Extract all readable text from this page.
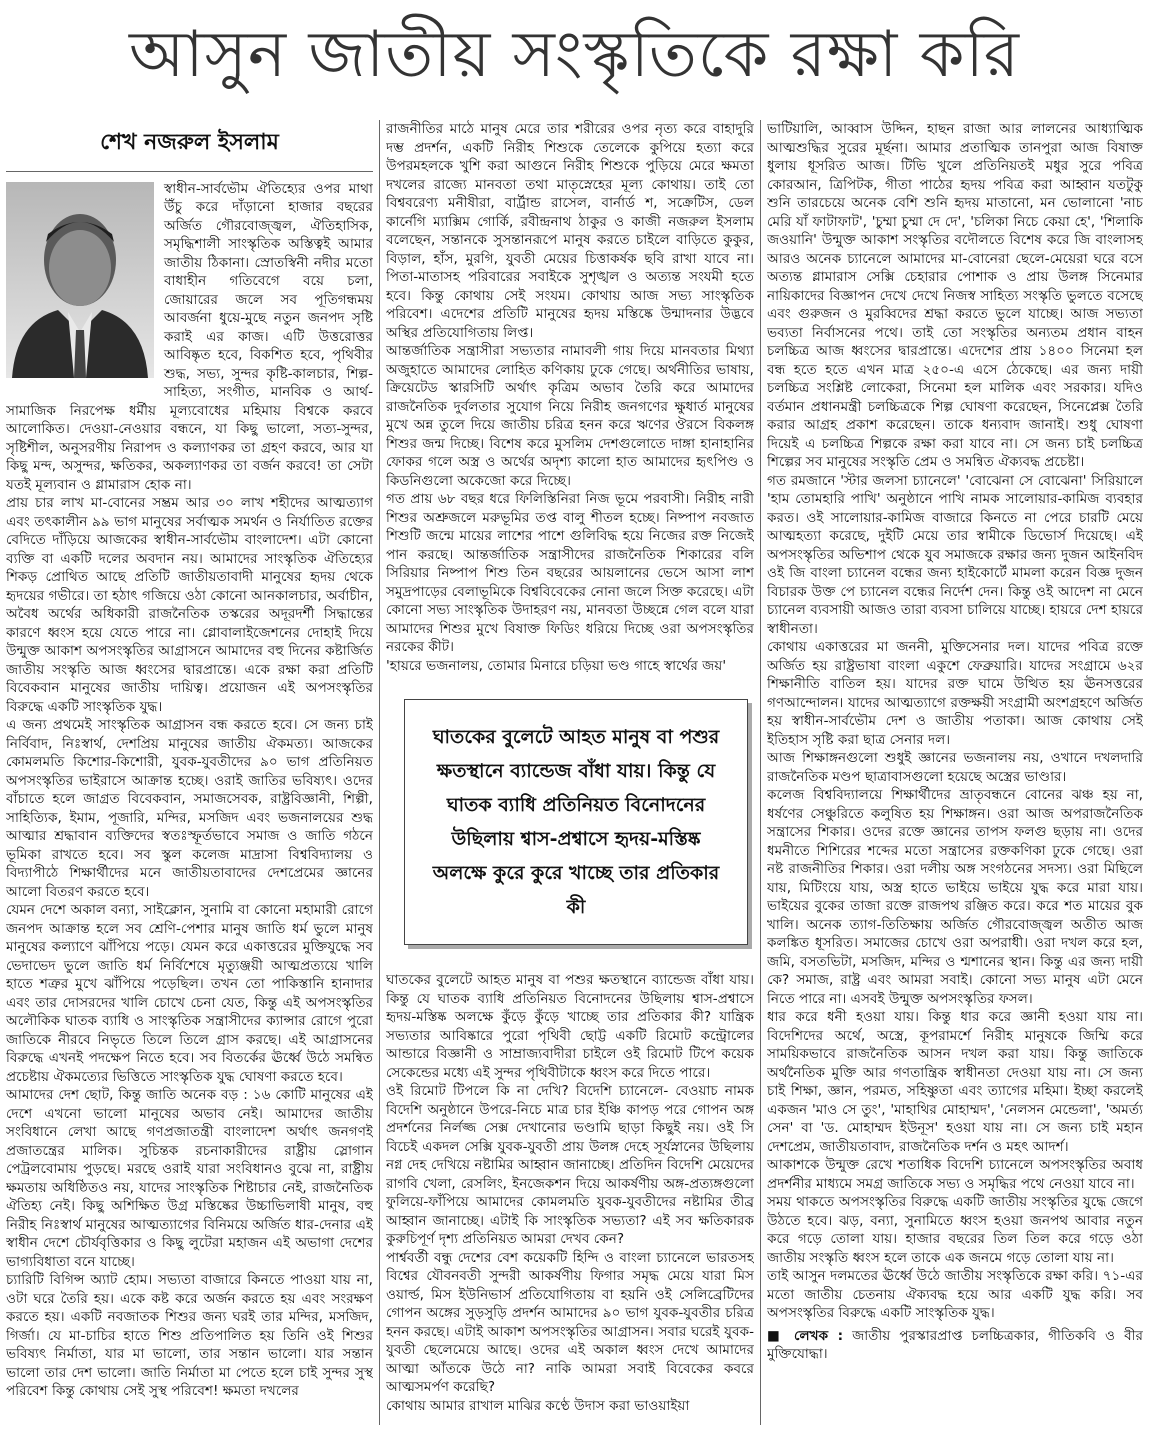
আসুন জাতীয় সংস্কৃতিকে রক্ষা করি
শেখ নজরুল ইসলাম

স্বাধীন-সার্বভৌম ঐতিহ্যের ওপর মাথা উঁচু করে দাঁড়ানো হাজার বছরের অর্জিত গৌরবোজ্জ্বল, ঐতিহাসিক, সমৃদ্ধিশালী সাংস্কৃতিক অস্তিত্বই আমার জাতীয় ঠিকানা। স্রোতস্বিনী নদীর মতো বাধাহীন গতিবেগে বয়ে চলা, জোয়ারের জলে সব পূতিগন্ধময় আবর্জনা ধুয়ে-মুছে নতুন জনপদ সৃষ্টি করাই এর কাজ। এটি উত্তরোত্তর আবিষ্কৃত হবে, বিকশিত হবে, পৃথিবীর শুদ্ধ, সভ্য, সুন্দর কৃষ্টি-কালচার, শিল্প-সাহিত্য, সংগীত, মানবিক ও আর্থ-সামাজিক নিরপেক্ষ ধর্মীয় মূল্যবোধের মহিমায় বিশ্বকে করবে আলোকিত। দেওয়া-নেওয়ার বন্ধনে, যা কিছু ভালো, সত্য-সুন্দর, সৃষ্টিশীল, অনুসরণীয় নিরাপদ ও কল্যাণকর তা গ্রহণ করবে, আর যা কিছু মন্দ, অসুন্দর, ক্ষতিকর, অকল্যাণকর তা বর্জন করবে! তা সেটা যতই মূল্যবান ও গ্লামারাস হোক না।

প্রায় চার লাখ মা-বোনের সম্ভ্রম আর ৩০ লাখ শহীদের আত্মত্যাগ এবং তৎকালীন ৯৯ ভাগ মানুষের সর্বাত্মক সমর্থন ও নির্যাতিত রক্তের বেদিতে দাঁড়িয়ে আজকের স্বাধীন-সার্বভৌম বাংলাদেশ। এটা কোনো ব্যক্তি বা একটি দলের অবদান নয়। আমাদের সাংস্কৃতিক ঐতিহ্যের শিকড় প্রোথিত আছে প্রতিটি জাতীয়তাবাদী মানুষের হৃদয় থেকে হৃদয়ের গভীরে। তা হঠাৎ গজিয়ে ওঠা কোনো আনকালচার, অর্বাচীন, অবৈধ অর্থের অধিকারী রাজনৈতিক তস্করের অদূরদর্শী সিদ্ধান্তের কারণে ধ্বংস হয়ে যেতে পারে না। গ্লোবালাইজেশনের দোহাই দিয়ে উন্মুক্ত আকাশ অপসংস্কৃতির আগ্রাসনে আমাদের বহু দিনের কষ্টার্জিত জাতীয় সংস্কৃতি আজ ধ্বংসের দ্বারপ্রান্তে। একে রক্ষা করা প্রতিটি বিবেকবান মানুষের জাতীয় দায়িত্ব। প্রয়োজন এই অপসংস্কৃতির বিরুদ্ধে একটি সাংস্কৃতিক যুদ্ধ।

এ জন্য প্রথমেই সাংস্কৃতিক আগ্রাসন বন্ধ করতে হবে। সে জন্য চাই নির্বিবাদ, নিঃস্বার্থ, দেশপ্রিয় মানুষের জাতীয় ঐকমত্য। আজকের কোমলমতি কিশোর-কিশোরী, যুবক-যুবতীদের ৯০ ভাগ প্রতিনিয়ত অপসংস্কৃতির ভাইরাসে আক্রান্ত হচ্ছে। ওরাই জাতির ভবিষ্যৎ। ওদের বাঁচাতে হলে জাগ্রত বিবেকবান, সমাজসেবক, রাষ্ট্রবিজ্ঞানী, শিল্পী, সাহিত্যিক, ইমাম, পূজারি, মন্দির, মসজিদ এবং ভজনালয়ের শুদ্ধ আত্মার শ্রদ্ধাবান ব্যক্তিদের স্বতঃস্ফূর্তভাবে সমাজ ও জাতি গঠনে ভূমিকা রাখতে হবে। সব স্কুল কলেজ মাদ্রাসা বিশ্ববিদ্যালয় ও বিদ্যাপীঠে শিক্ষার্থীদের মনে জাতীয়তাবাদের দেশপ্রেমের জ্ঞানের আলো বিতরণ করতে হবে।

যেমন দেশে অকাল বন্যা, সাইক্লোন, সুনামি বা কোনো মহামারী রোগে জনপদ আক্রান্ত হলে সব শ্রেণি-পেশার মানুষ জাতি ধর্ম ভুলে মানুষ মানুষের কল্যাণে ঝাঁপিয়ে পড়ে। যেমন করে একাত্তরের মুক্তিযুদ্ধে সব ভেদাভেদ ভুলে জাতি ধর্ম নির্বিশেষে মৃত্যুঞ্জয়ী আত্মপ্রত্যয়ে খালি হাতে শত্রুর মুখে ঝাঁপিয়ে পড়েছিল। তখন তো পাকিস্তানি হানাদার এবং তার দোসরদের খালি চোখে চেনা যেত, কিন্তু এই অপসংস্কৃতির অলৌকিক ঘাতক ব্যাধি ও সাংস্কৃতিক সন্ত্রাসীদের ক্যান্সার রোগে পুরো জাতিকে নীরবে নিভৃতে তিলে তিলে গ্রাস করছে। এই আগ্রাসনের বিরুদ্ধে এখনই পদক্ষেপ নিতে হবে। সব বিতর্কের ঊর্ধ্বে উঠে সমন্বিত প্রচেষ্টায় ঐকমত্যের ভিত্তিতে সাংস্কৃতিক যুদ্ধ ঘোষণা করতে হবে।

আমাদের দেশ ছোট, কিন্তু জাতি অনেক বড় : ১৬ কোটি মানুষের এই দেশে এখনো ভালো মানুষের অভাব নেই। আমাদের জাতীয় সংবিধানে লেখা আছে গণপ্রজাতন্ত্রী বাংলাদেশ অর্থাৎ জনগণই প্রজাতন্ত্রের মালিক। সুচিন্তক রচনাকারীদের রাষ্ট্রীয় স্লোগান পেট্রলবোমায় পুড়ছে। মরছে ওরাই যারা সংবিধানও বুঝে না, রাষ্ট্রীয় ক্ষমতায় অধিষ্ঠিতও নয়, যাদের সাংস্কৃতিক শিষ্টাচার নেই, রাজনৈতিক ঐতিহ্য নেই। কিছু অশিক্ষিত উগ্র মস্তিষ্কের উচ্চাভিলাষী মানুষ, বহু নিরীহ নিঃস্বার্থ মানুষের আত্মত্যাগের বিনিময়ে অর্জিত ধার-দেনার এই স্বাধীন দেশে চৌর্যবৃত্তিকার ও কিছু লুটেরা মহাজন এই অভাগা দেশের ভাগ্যবিধাতা বনে যাচ্ছে।

চ্যারিটি বিগিন্স অ্যাট হোম। সভ্যতা বাজারে কিনতে পাওয়া যায় না, ওটা ঘরে তৈরি হয়। একে কষ্ট করে অর্জন করতে হয় এবং সংরক্ষণ করতে হয়। একটি নবজাতক শিশুর জন্য ঘরই তার মন্দির, মসজিদ, গির্জা। যে মা-চাচির হাতে শিশু প্রতিপালিত হয় তিনি ওই শিশুর ভবিষ্যৎ নির্মাতা, যার মা ভালো, তার সন্তান ভালো। যার সন্তান ভালো তার দেশ ভালো। জাতি নির্মাতা মা পেতে হলে চাই সুন্দর সুস্থ পরিবেশ কিন্তু কোথায় সেই সুস্থ পরিবেশ! ক্ষমতা দখলের

রাজনীতির মাঠে মানুষ মেরে তার শরীরের ওপর নৃত্য করে বাহাদুরি দম্ভ প্রদর্শন, একটি নিরীহ শিশুকে তেলেকে কুপিয়ে হত্যা করে উপরমহলকে খুশি করা আগুনে নিরীহ শিশুকে পুড়িয়ে মেরে ক্ষমতা দখলের রাজ্যে মানবতা তথা মাতৃস্নেহের মূল্য কোথায়। তাই তো বিশ্ববরেণ্য মনীষীরা, বার্ট্রান্ড রাসেল, বার্নার্ড শ, সক্রেটিস, ডেল কার্নেগি ম্যাক্সিম গোর্কি, রবীন্দ্রনাথ ঠাকুর ও কাজী নজরুল ইসলাম বলেছেন, সন্তানকে সুসন্তানরূপে মানুষ করতে চাইলে বাড়িতে কুকুর, বিড়াল, হাঁস, মুরগি, যুবতী মেয়ের চিত্তাকর্ষক ছবি রাখা যাবে না। পিতা-মাতাসহ পরিবারের সবাইকে সুশৃঙ্খল ও অত্যন্ত সংযমী হতে হবে। কিন্তু কোথায় সেই সংযম। কোথায় আজ সভ্য সাংস্কৃতিক পরিবেশ। এদেশের প্রতিটি মানুষের হৃদয় মস্তিষ্কে উন্মাদনার উদ্ভবে অস্থির প্রতিযোগিতায় লিপ্ত।

আন্তর্জাতিক সন্ত্রাসীরা সভ্যতার নামাবলী গায় দিয়ে মানবতার মিথ্যা অজুহাতে আমাদের লোহিত কণিকায় ঢুকে গেছে। অর্থনীতির ভাষায়, ক্রিয়েটেড স্কারসিটি অর্থাৎ কৃত্রিম অভাব তৈরি করে আমাদের রাজনৈতিক দুর্বলতার সুযোগ নিয়ে নিরীহ জনগণের ক্ষুধার্ত মানুষের মুখে অন্ন তুলে দিয়ে জাতীয় চরিত্র হনন করে ঋণের ঔরসে বিকলঙ্গ শিশুর জন্ম দিচ্ছে। বিশেষ করে মুসলিম দেশগুলোতে দাঙ্গা হানাহানির ফোকর গলে অস্ত্র ও অর্থের অদৃশ্য কালো হাত আমাদের হৃৎপিণ্ড ও কিডনিগুলো অকেজো করে দিচ্ছে।

গত প্রায় ৬৮ বছর ধরে ফিলিস্তিনিরা নিজ ভূমে পরবাসী। নিরীহ নারী শিশুর অশ্রুজলে মরুভূমির তপ্ত বালু শীতল হচ্ছে। নিষ্পাপ নবজাত শিশুটি জন্মে মায়ের লাশের পাশে গুলিবিদ্ধ হয়ে নিজের রক্ত নিজেই পান করছে। আন্তর্জাতিক সন্ত্রাসীদের রাজনৈতিক শিকারের বলি সিরিয়ার নিষ্পাপ শিশু তিন বছরের আয়লানের ভেসে আসা লাশ সমুদ্রপাড়ের বেলাভূমিকে বিশ্ববিবেকের নোনা জলে সিক্ত করেছে। এটা কোনো সভ্য সাংস্কৃতিক উদাহরণ নয়, মানবতা উচ্ছন্নে গেল বলে যারা আমাদের শিশুর মুখে বিষাক্ত ফিডিং ধরিয়ে দিচ্ছে ওরা অপসংস্কৃতির নরকের কীট।

'হায়রে ভজনালয়, তোমার মিনারে চড়িয়া ভণ্ড গাহে স্বার্থের জয়'

ঘাতকের বুলেটে আহত মানুষ বা পশুর ক্ষতস্থানে ব্যান্ডেজ বাঁধা যায়। কিন্তু যে ঘাতক ব্যাধি প্রতিনিয়ত বিনোদনের উছিলায় শ্বাস-প্রশ্বাসে হৃদয়-মস্তিষ্ক অলক্ষে কুরে কুরে খাচ্ছে তার প্রতিকার কী

ঘাতকের বুলেটে আহত মানুষ বা পশুর ক্ষতস্থানে ব্যান্ডেজ বাঁধা যায়। কিন্তু যে ঘাতক ব্যাধি প্রতিনিয়ত বিনোদনের উছিলায় শ্বাস-প্রশ্বাসে হৃদয়-মস্তিষ্ক অলক্ষে কুঁড়ে কুঁড়ে খাচ্ছে তার প্রতিকার কী? যান্ত্রিক সভ্যতার আবিষ্কারে পুরো পৃথিবী ছোট্ট একটি রিমোট কন্ট্রোলের আন্ডারে বিজ্ঞানী ও সাম্রাজ্যবাদীরা চাইলে ওই রিমোট টিপে কয়েক সেকেন্ডের মধ্যে এই সুন্দর পৃথিবীটাকে ধ্বংস করে দিতে পারে।

ওই রিমোট টিপলে কি না দেখি? বিদেশি চ্যানেলে- বেওয়াচ নামক বিদেশি অনুষ্ঠানে উপরে-নিচে মাত্র চার ইঞ্চি কাপড় পরে গোপন অঙ্গ প্রদর্শনের নির্লজ্জ সেক্স দেখানোর ভণ্ডামি ছাড়া কিছুই নয়। ওই সি বিচেই একদল সেক্সি যুবক-যুবতী প্রায় উলঙ্গ দেহে সূর্যস্নানের উছিলায় নগ্ন দেহ দেখিয়ে নষ্টামির আহ্বান জানাচ্ছে। প্রতিদিন বিদেশি মেয়েদের রাগবি খেলা, রেসলিং, ইনজেকশন দিয়ে আকর্ষণীয় অঙ্গ-প্রত্যঙ্গগুলো ফুলিয়ে-ফাঁপিয়ে আমাদের কোমলমতি যুবক-যুবতীদের নষ্টামির তীব্র আহ্বান জানাচ্ছে। এটাই কি সাংস্কৃতিক সভ্যতা? এই সব ক্ষতিকারক কুরুচিপূর্ণ দৃশ্য প্রতিনিয়ত আমরা দেখব কেন?

পার্শ্ববর্তী বন্ধু দেশের বেশ কয়েকটি হিন্দি ও বাংলা চ্যানেলে ভারতসহ বিশ্বের যৌবনবতী সুন্দরী আকর্ষণীয় ফিগার সমৃদ্ধ মেয়ে যারা মিস ওয়ার্ল্ড, মিস ইউনিভার্স প্রতিযোগিতায় বা হয়নি ওই সেলিব্রেটিদের গোপন অঙ্গের সুড়সুড়ি প্রদর্শন আমাদের ৯০ ভাগ যুবক-যুবতীর চরিত্র হনন করছে। এটাই আকাশ অপসংস্কৃতির আগ্রাসন। সবার ঘরেই যুবক-যুবতী ছেলেমেয়ে আছে। ওদের এই অকাল ধ্বংস দেখে আমাদের আত্মা আঁতকে উঠে না? নাকি আমরা সবাই বিবেকের কবরে আত্মসমর্পণ করেছি?

কোথায় আমার রাখাল মাঝির কণ্ঠে উদাস করা ভাওয়াইয়া

ভাটিয়ালি, আব্বাস উদ্দিন, হাছন রাজা আর লালনের আধ্যাত্মিক আত্মশুদ্ধির সুরের মূর্ছনা। আমার প্রতাত্মিক তানপুরা আজ বিষাক্ত ধুলায় ধূসরিত আজ। টিভি খুলে প্রতিনিয়তই মধুর সুরে পবিত্র কোরআন, ত্রিপিটক, গীতা পাঠের হৃদয় পবিত্র করা আহ্বান যতটুকু শুনি তারচেয়ে অনেক বেশি শুনি হৃদয় মাতানো, মন ভোলানো 'নাচ মেরি যাঁ ফাটাফাট', 'চুম্মা চুম্মা দে দে', 'চলিকা নিচে কেয়া হে', 'শিলাকি জওয়ানি' উন্মুক্ত আকাশ সংস্কৃতির বদৌলতে বিশেষ করে জি বাংলাসহ আরও অনেক চ্যানেলে আমাদের মা-বোনেরা ছেলে-মেয়েরা ঘরে বসে অত্যন্ত গ্লামারাস সেক্সি চেহারার পোশাক ও প্রায় উলঙ্গ সিনেমার নায়িকাদের বিজ্ঞাপন দেখে দেখে নিজস্ব সাহিত্য সংস্কৃতি ভুলতে বসেছে এবং গুরুজন ও মুরব্বিদের শ্রদ্ধা করতে ভুলে যাচ্ছে। আজ সভ্যতা ভব্যতা নির্বাসনের পথে। তাই তো সংস্কৃতির অন্যতম প্রধান বাহন চলচ্চিত্র আজ ধ্বংসের দ্বারপ্রান্তে। এদেশের প্রায় ১৪০০ সিনেমা হল বন্ধ হতে হতে এখন মাত্র ২৫০-এ এসে ঠেকেছে। এর জন্য দায়ী চলচ্চিত্র সংশ্লিষ্ট লোকেরা, সিনেমা হল মালিক এবং সরকার। যদিও বর্তমান প্রধানমন্ত্রী চলচ্চিত্রকে শিল্প ঘোষণা করেছেন, সিনেপ্লেক্স তৈরি করার আগ্রহ প্রকাশ করেছেন। তাকে ধন্যবাদ জানাই। শুধু ঘোষণা দিয়েই এ চলচ্চিত্র শিল্পকে রক্ষা করা যাবে না। সে জন্য চাই চলচ্চিত্র শিল্পের সব মানুষের সংস্কৃতি প্রেম ও সমন্বিত ঐক্যবদ্ধ প্রচেষ্টা।

গত রমজানে 'স্টার জলসা চ্যানেলে' 'বোঝেনা সে বোঝেনা' সিরিয়ালে 'হাম তোমহারি পাখি' অনুষ্ঠানে পাখি নামক সালোয়ার-কামিজ ব্যবহার করত। ওই সালোয়ার-কামিজ বাজারে কিনতে না পেরে চারটি মেয়ে আত্মহত্যা করেছে, দুইটি মেয়ে তার স্বামীকে ডিভোর্স দিয়েছে। এই অপসংস্কৃতির অভিশাপ থেকে যুব সমাজকে রক্ষার জন্য দুজন আইনবিদ ওই জি বাংলা চ্যানেল বন্ধের জন্য হাইকোর্টে মামলা করেন বিজ্ঞ দুজন বিচারক উক্ত পে চ্যানেল বন্ধের নির্দেশ দেন। কিন্তু ওই আদেশ না মেনে চ্যানেল ব্যবসায়ী আজও তারা ব্যবসা চালিয়ে যাচ্ছে। হায়রে দেশ হায়রে স্বাধীনতা।

কোথায় একাত্তরের মা জননী, মুক্তিসেনার দল। যাদের পবিত্র রক্তে অর্জিত হয় রাষ্ট্রভাষা বাংলা একুশে ফেব্রুয়ারি। যাদের সংগ্রামে ৬২র শিক্ষানীতি বাতিল হয়। যাদের রক্ত ঘামে উত্থিত হয় ঊনসত্তরের গণআন্দোলন। যাদের আত্মত্যাগে রক্তক্ষয়ী সংগ্রামী অংশগ্রহণে অর্জিত হয় স্বাধীন-সার্বভৌম দেশ ও জাতীয় পতাকা। আজ কোথায় সেই ইতিহাস সৃষ্টি করা ছাত্র সেনার দল।

আজ শিক্ষাঙ্গনগুলো শুধুই জ্ঞানের ভজনালয় নয়, ওখানে দখলদারি রাজনৈতিক মণ্ডপ ছাত্রাবাসগুলো হয়েছে অস্ত্রের ভাণ্ডার।

কলেজ বিশ্ববিদ্যালয়ে শিক্ষার্থীদের ভ্রাতৃবন্ধনে বোনের ঝঞ্চ হয় না, ধর্ষণের সেঞ্চুরিতে কলুষিত হয় শিক্ষাঙ্গন। ওরা আজ অপরাজনৈতিক সন্ত্রাসের শিকার। ওদের রক্তে জ্ঞানের তাপস ফলগু ছড়ায় না। ওদের ধমনীতে শিশিরের শব্দের মতো সন্ত্রাসের রক্তকণিকা ঢুকে গেছে। ওরা নষ্ট রাজনীতির শিকার। ওরা দলীয় অঙ্গ সংগঠনের সদস্য। ওরা মিছিলে যায়, মিটিংয়ে যায়, অস্ত্র হাতে ভাইয়ে ভাইয়ে যুদ্ধ করে মারা যায়। ভাইয়ের বুকের তাজা রক্তে রাজপথ রঞ্জিত করে। করে শত মায়ের বুক খালি। অনেক ত্যাগ-তিতিক্ষায় অর্জিত গৌরবোজ্জ্বল অতীত আজ কলঙ্কিত ধূসরিত। সমাজের চোখে ওরা অপরাধী। ওরা দখল করে হল, জমি, বসতভিটা, মসজিদ, মন্দির ও শ্মশানের স্থান। কিন্তু এর জন্য দায়ী কে? সমাজ, রাষ্ট্র এবং আমরা সবাই। কোনো সভ্য মানুষ এটা মেনে নিতে পারে না। এসবই উন্মুক্ত অপসংস্কৃতির ফসল।

ধার করে ধনী হওয়া যায়। কিন্তু ধার করে জ্ঞানী হওয়া যায় না। বিদেশিদের অর্থে, অস্ত্রে, কূপরামর্শে নিরীহ মানুষকে জিম্মি করে সাময়িকভাবে রাজনৈতিক আসন দখল করা যায়। কিন্তু জাতিকে অর্থনৈতিক মুক্তি আর গণতান্ত্রিক স্বাধীনতা দেওয়া যায় না। সে জন্য চাই শিক্ষা, জ্ঞান, পরমত, সহিষ্ণুতা এবং ত্যাগের মহিমা। ইচ্ছা করলেই একজন 'মাও সে তুং', 'মাহাথির মোহাম্মদ', 'নেলসন মেন্ডেলা', 'অমর্ত্য সেন' বা 'ড. মোহাম্মদ ইউনূস' হওয়া যায় না। সে জন্য চাই মহান দেশপ্রেম, জাতীয়তাবাদ, রাজনৈতিক দর্শন ও মহৎ আদর্শ।

আকাশকে উন্মুক্ত রেখে শতাধিক বিদেশি চ্যানেলে অপসংস্কৃতির অবাধ প্রদর্শনীর মাধ্যমে সমগ্র জাতিকে সভ্য ও সমৃদ্ধির পথে নেওয়া যাবে না।

সময় থাকতে অপসংস্কৃতির বিরুদ্ধে একটি জাতীয় সংস্কৃতির যুদ্ধে জেগে উঠতে হবে। ঝড়, বন্যা, সুনামিতে ধ্বংস হওয়া জনপথ আবার নতুন করে গড়ে তোলা যায়। হাজার বছরের তিল তিল করে গড়ে ওঠা জাতীয় সংস্কৃতি ধ্বংস হলে তাকে এক জনমে গড়ে তোলা যায় না।

তাই আসুন দলমতের ঊর্ধ্বে উঠে জাতীয় সংস্কৃতিকে রক্ষা করি। ৭১-এর মতো জাতীয় চেতনায় ঐক্যবদ্ধ হয়ে আর একটি যুদ্ধ করি। সব অপসংস্কৃতির বিরুদ্ধে একটি সাংস্কৃতিক যুদ্ধ।

■ লেখক : জাতীয় পুরস্কারপ্রাপ্ত চলচ্চিত্রকার, গীতিকবি ও বীর মুক্তিযোদ্ধা।
